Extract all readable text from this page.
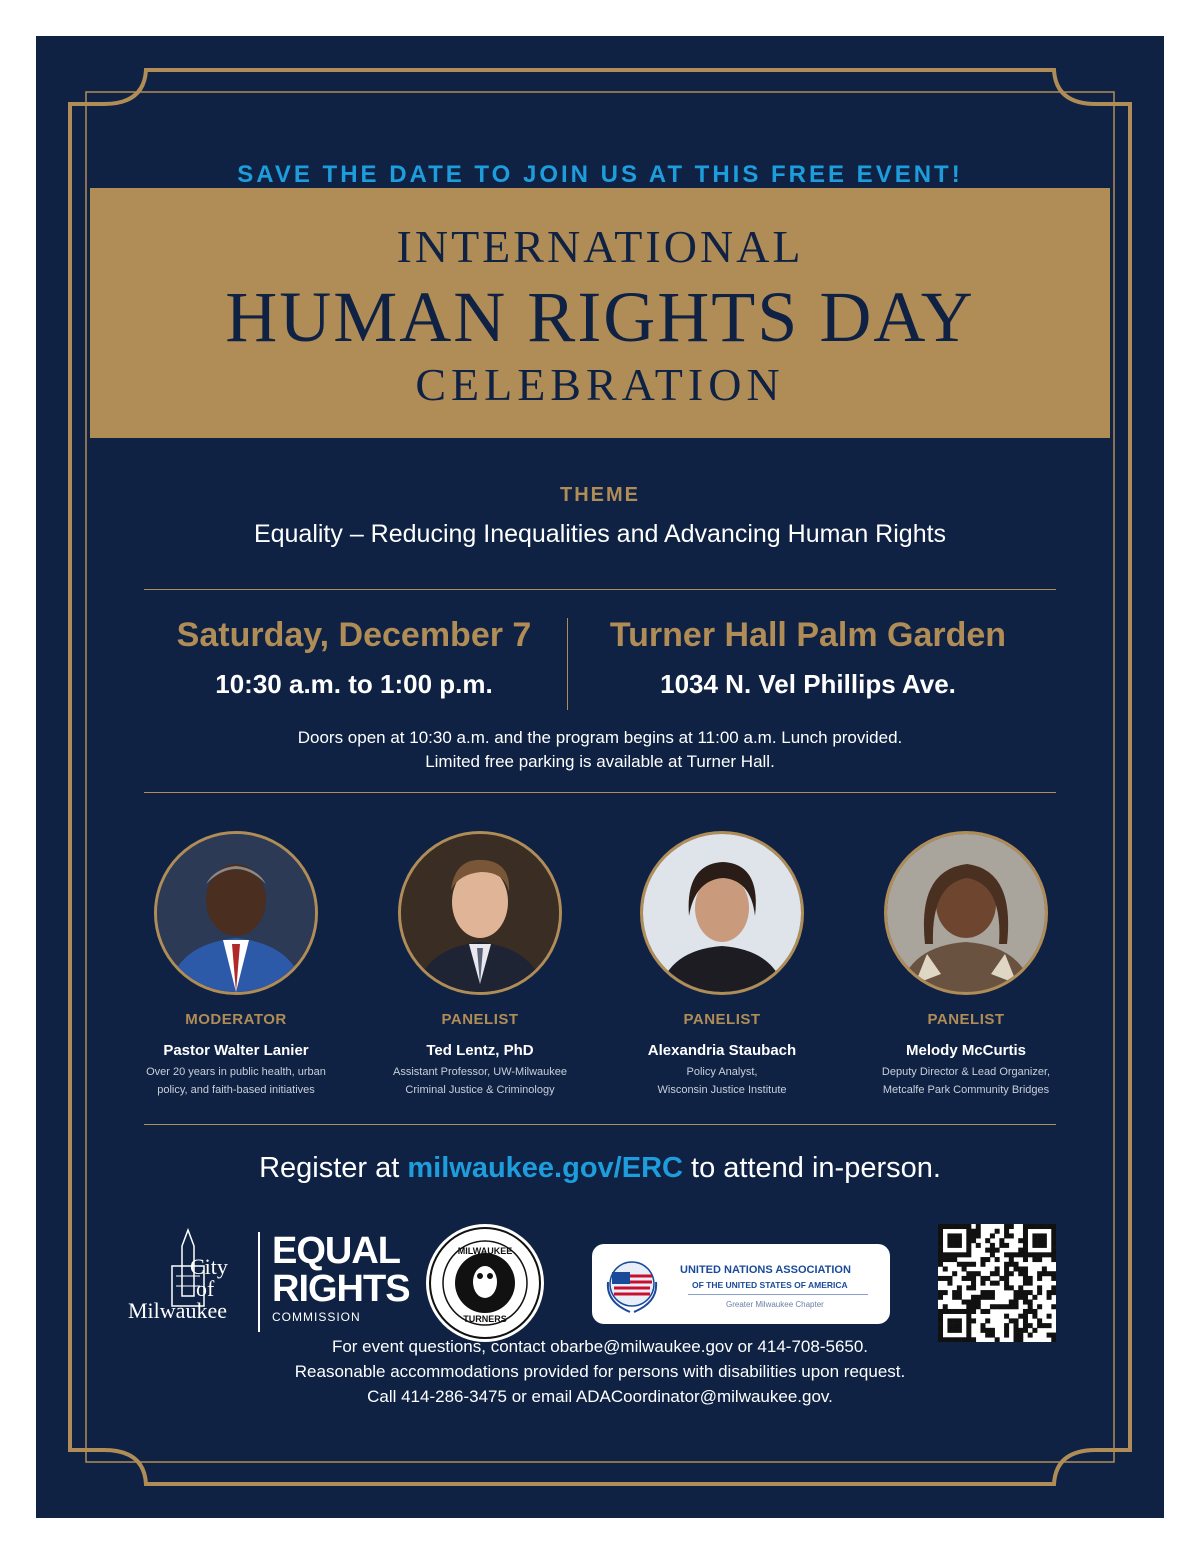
SAVE THE DATE TO JOIN US AT THIS FREE EVENT!
INTERNATIONAL
HUMAN RIGHTS DAY
CELEBRATION
THEME
Equality – Reducing Inequalities and Advancing Human Rights
Saturday, December 7
10:30 a.m. to 1:00 p.m.
Turner Hall Palm Garden
1034 N. Vel Phillips Ave.
Doors open at 10:30 a.m. and the program begins at 11:00 a.m. Lunch provided.
Limited free parking is available at Turner Hall.
MODERATOR
Pastor Walter Lanier
Over 20 years in public health, urban
policy, and faith-based initiatives
PANELIST
Ted Lentz, PhD
Assistant Professor, UW-Milwaukee
Criminal Justice & Criminology
PANELIST
Alexandria Staubach
Policy Analyst,
Wisconsin Justice Institute
PANELIST
Melody McCurtis
Deputy Director & Lead Organizer,
Metcalfe Park Community Bridges
Register at milwaukee.gov/ERC to attend in-person.
City
of
Milwaukee
EQUAL
RIGHTS
COMMISSION
MILWAUKEE
TURNERS
UNITED NATIONS ASSOCIATION
OF THE UNITED STATES OF AMERICA
Greater Milwaukee Chapter
For event questions, contact obarbe@milwaukee.gov or 414-708-5650.
Reasonable accommodations provided for persons with disabilities upon request.
Call 414-286-3475 or email ADACoordinator@milwaukee.gov.
DOA 11/21/24
